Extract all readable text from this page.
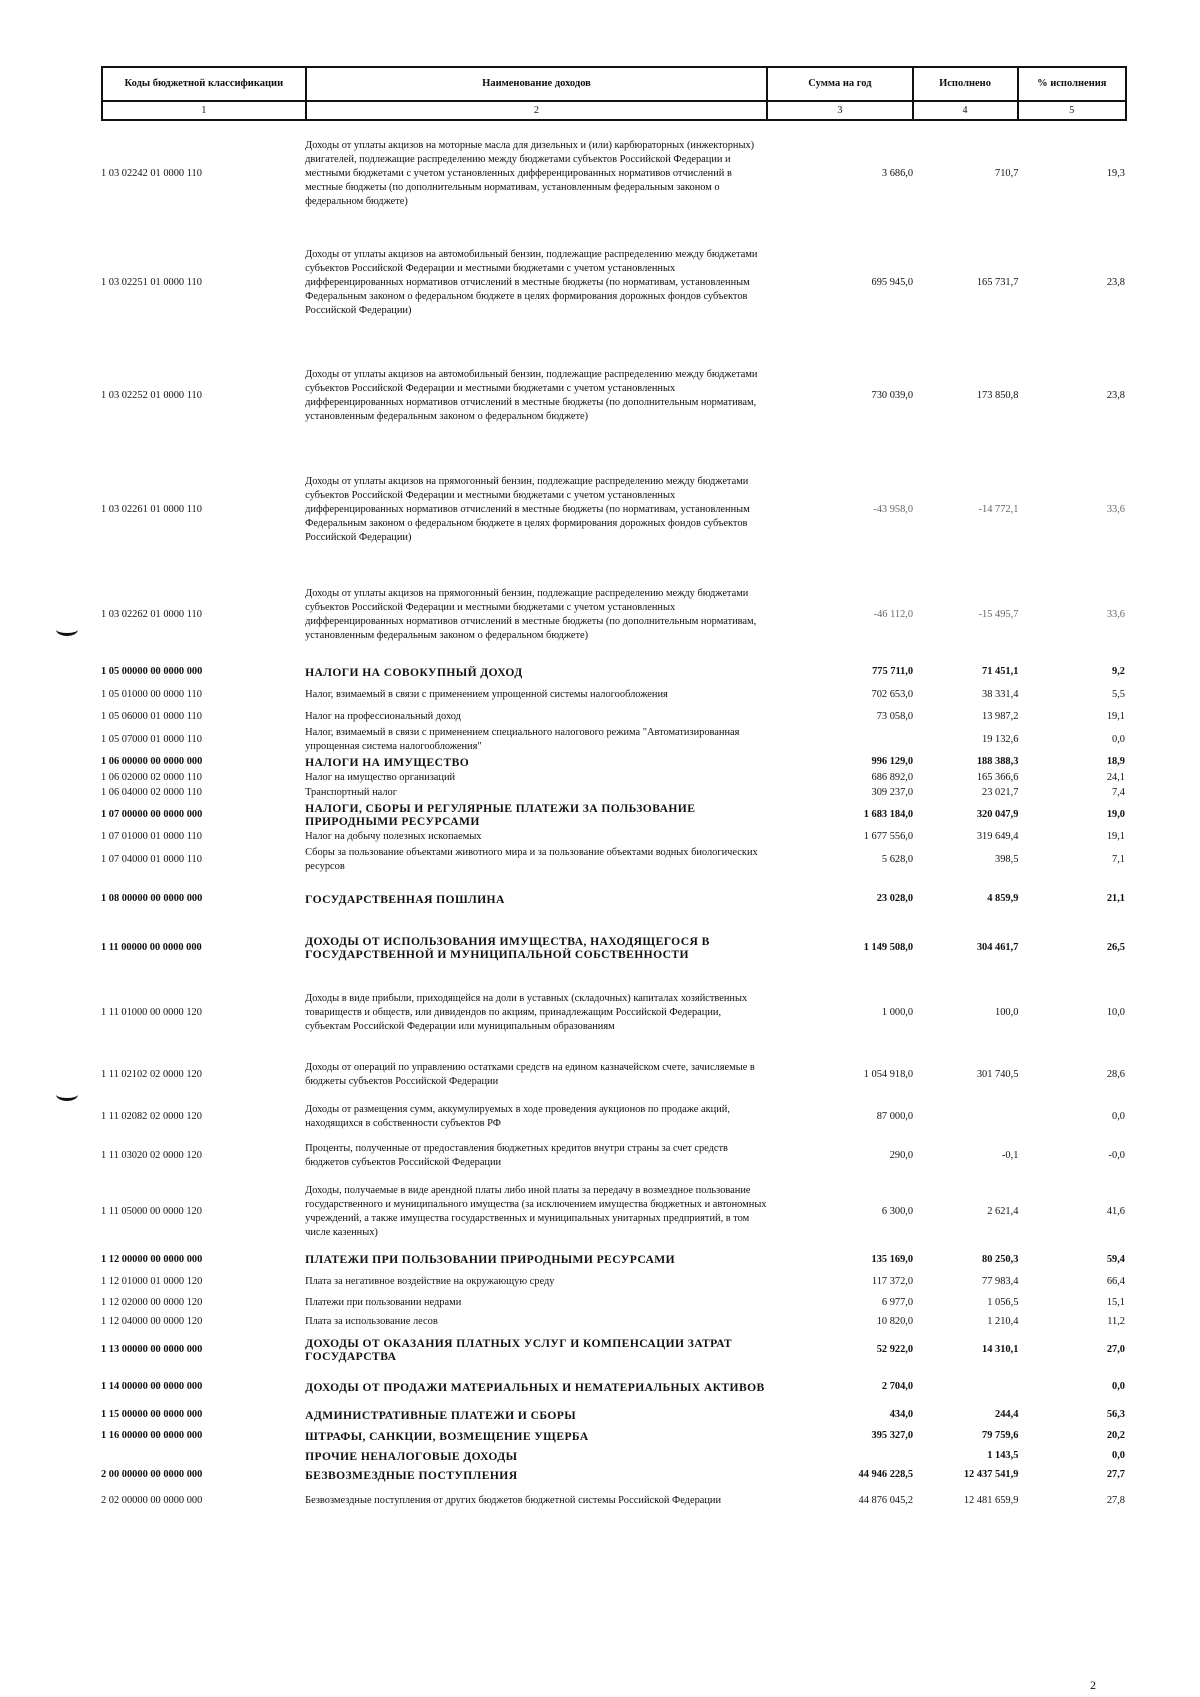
Коды бюджетной классификации	Наименование доходов	Сумма на год	Исполнено	% исполнения
1	2	3	4	5
1 03 02242 01 0000 110	Доходы от уплаты акцизов на моторные масла для дизельных и (или) карбюраторных (инжекторных) двигателей, подлежащие распределению между бюджетами субъектов Российской Федерации и местными бюджетами с учетом установленных дифференцированных нормативов отчислений в местные бюджеты (по дополнительным нормативам, установленным федеральным законом о федеральном бюджете)	3 686,0	710,7	19,3
1 03 02251 01 0000 110	Доходы от уплаты акцизов на автомобильный бензин, подлежащие распределению между бюджетами субъектов Российской Федерации и местными бюджетами с учетом установленных дифференцированных нормативов отчислений в местные бюджеты (по нормативам, установленным Федеральным законом о федеральном бюджете в целях формирования дорожных фондов субъектов Российской Федерации)	695 945,0	165 731,7	23,8
1 03 02252 01 0000 110	Доходы от уплаты акцизов на автомобильный бензин, подлежащие распределению между бюджетами субъектов Российской Федерации и местными бюджетами с учетом установленных дифференцированных нормативов отчислений в местные бюджеты (по дополнительным нормативам, установленным федеральным законом о федеральном бюджете)	730 039,0	173 850,8	23,8
1 03 02261 01 0000 110	Доходы от уплаты акцизов на прямогонный бензин, подлежащие распределению между бюджетами субъектов Российской Федерации и местными бюджетами с учетом установленных дифференцированных нормативов отчислений в местные бюджеты (по нормативам, установленным Федеральным законом о федеральном бюджете в целях формирования дорожных фондов субъектов Российской Федерации)	-43 958,0	-14 772,1	33,6
1 03 02262 01 0000 110	Доходы от уплаты акцизов на прямогонный бензин, подлежащие распределению между бюджетами субъектов Российской Федерации и местными бюджетами с учетом установленных дифференцированных нормативов отчислений в местные бюджеты (по дополнительным нормативам, установленным федеральным законом о федеральном бюджете)	-46 112,0	-15 495,7	33,6
1 05 00000 00 0000 000	НАЛОГИ НА СОВОКУПНЫЙ ДОХОД	775 711,0	71 451,1	9,2
1 05 01000 00 0000 110	Налог, взимаемый в связи с применением упрощенной системы налогообложения	702 653,0	38 331,4	5,5
1 05 06000 01 0000 110	Налог на профессиональный доход	73 058,0	13 987,2	19,1
1 05 07000 01 0000 110	Налог, взимаемый в связи с применением специального налогового режима "Автоматизированная упрощенная система налогообложения"		19 132,6	0,0
1 06 00000 00 0000 000	НАЛОГИ НА ИМУЩЕСТВО	996 129,0	188 388,3	18,9
1 06 02000 02 0000 110	Налог на имущество организаций	686 892,0	165 366,6	24,1
1 06 04000 02 0000 110	Транспортный налог	309 237,0	23 021,7	7,4
1 07 00000 00 0000 000	НАЛОГИ, СБОРЫ И РЕГУЛЯРНЫЕ ПЛАТЕЖИ ЗА ПОЛЬЗОВАНИЕ ПРИРОДНЫМИ РЕСУРСАМИ	1 683 184,0	320 047,9	19,0
1 07 01000 01 0000 110	Налог на добычу полезных ископаемых	1 677 556,0	319 649,4	19,1
1 07 04000 01 0000 110	Сборы за пользование объектами животного мира и за пользование объектами водных биологических ресурсов	5 628,0	398,5	7,1
1 08 00000 00 0000 000	ГОСУДАРСТВЕННАЯ ПОШЛИНА	23 028,0	4 859,9	21,1
1 11 00000 00 0000 000	ДОХОДЫ ОТ ИСПОЛЬЗОВАНИЯ ИМУЩЕСТВА, НАХОДЯЩЕГОСЯ В ГОСУДАРСТВЕННОЙ И МУНИЦИПАЛЬНОЙ СОБСТВЕННОСТИ	1 149 508,0	304 461,7	26,5
1 11 01000 00 0000 120	Доходы в виде прибыли, приходящейся на доли в уставных (складочных) капиталах хозяйственных товариществ и обществ, или дивидендов по акциям, принадлежащим Российской Федерации, субъектам Российской Федерации или муниципальным образованиям	1 000,0	100,0	10,0
1 11 02102 02 0000 120	Доходы от операций по управлению остатками средств на едином казначейском счете, зачисляемые в бюджеты субъектов Российской Федерации	1 054 918,0	301 740,5	28,6
1 11 02082 02 0000 120	Доходы от размещения сумм, аккумулируемых в ходе проведения аукционов по продаже акций, находящихся в собственности субъектов РФ	87 000,0		0,0
1 11 03020 02 0000 120	Проценты, полученные от предоставления бюджетных кредитов внутри страны за счет средств бюджетов субъектов Российской Федерации	290,0	-0,1	-0,0
1 11 05000 00 0000 120	Доходы, получаемые в виде арендной платы либо иной платы за передачу в возмездное пользование государственного и муниципального имущества (за исключением имущества бюджетных и автономных учреждений, а также имущества государственных и муниципальных унитарных предприятий, в том числе казенных)	6 300,0	2 621,4	41,6
1 12 00000 00 0000 000	ПЛАТЕЖИ ПРИ ПОЛЬЗОВАНИИ ПРИРОДНЫМИ РЕСУРСАМИ	135 169,0	80 250,3	59,4
1 12 01000 01 0000 120	Плата за негативное воздействие на окружающую среду	117 372,0	77 983,4	66,4
1 12 02000 00 0000 120	Платежи при пользовании недрами	6 977,0	1 056,5	15,1
1 12 04000 00 0000 120	Плата за использование лесов	10 820,0	1 210,4	11,2
1 13 00000 00 0000 000	ДОХОДЫ ОТ ОКАЗАНИЯ ПЛАТНЫХ УСЛУГ И КОМПЕНСАЦИИ ЗАТРАТ ГОСУДАРСТВА	52 922,0	14 310,1	27,0
1 14 00000 00 0000 000	ДОХОДЫ ОТ ПРОДАЖИ МАТЕРИАЛЬНЫХ И НЕМАТЕРИАЛЬНЫХ АКТИВОВ	2 704,0		0,0
1 15 00000 00 0000 000	АДМИНИСТРАТИВНЫЕ ПЛАТЕЖИ И СБОРЫ	434,0	244,4	56,3
1 16 00000 00 0000 000	ШТРАФЫ, САНКЦИИ, ВОЗМЕЩЕНИЕ УЩЕРБА	395 327,0	79 759,6	20,2
	ПРОЧИЕ НЕНАЛОГОВЫЕ ДОХОДЫ		1 143,5	0,0
2 00 00000 00 0000 000	БЕЗВОЗМЕЗДНЫЕ ПОСТУПЛЕНИЯ	44 946 228,5	12 437 541,9	27,7
2 02 00000 00 0000 000	Безвозмездные поступления от других бюджетов бюджетной системы Российской Федерации	44 876 045,2	12 481 659,9	27,8
2
